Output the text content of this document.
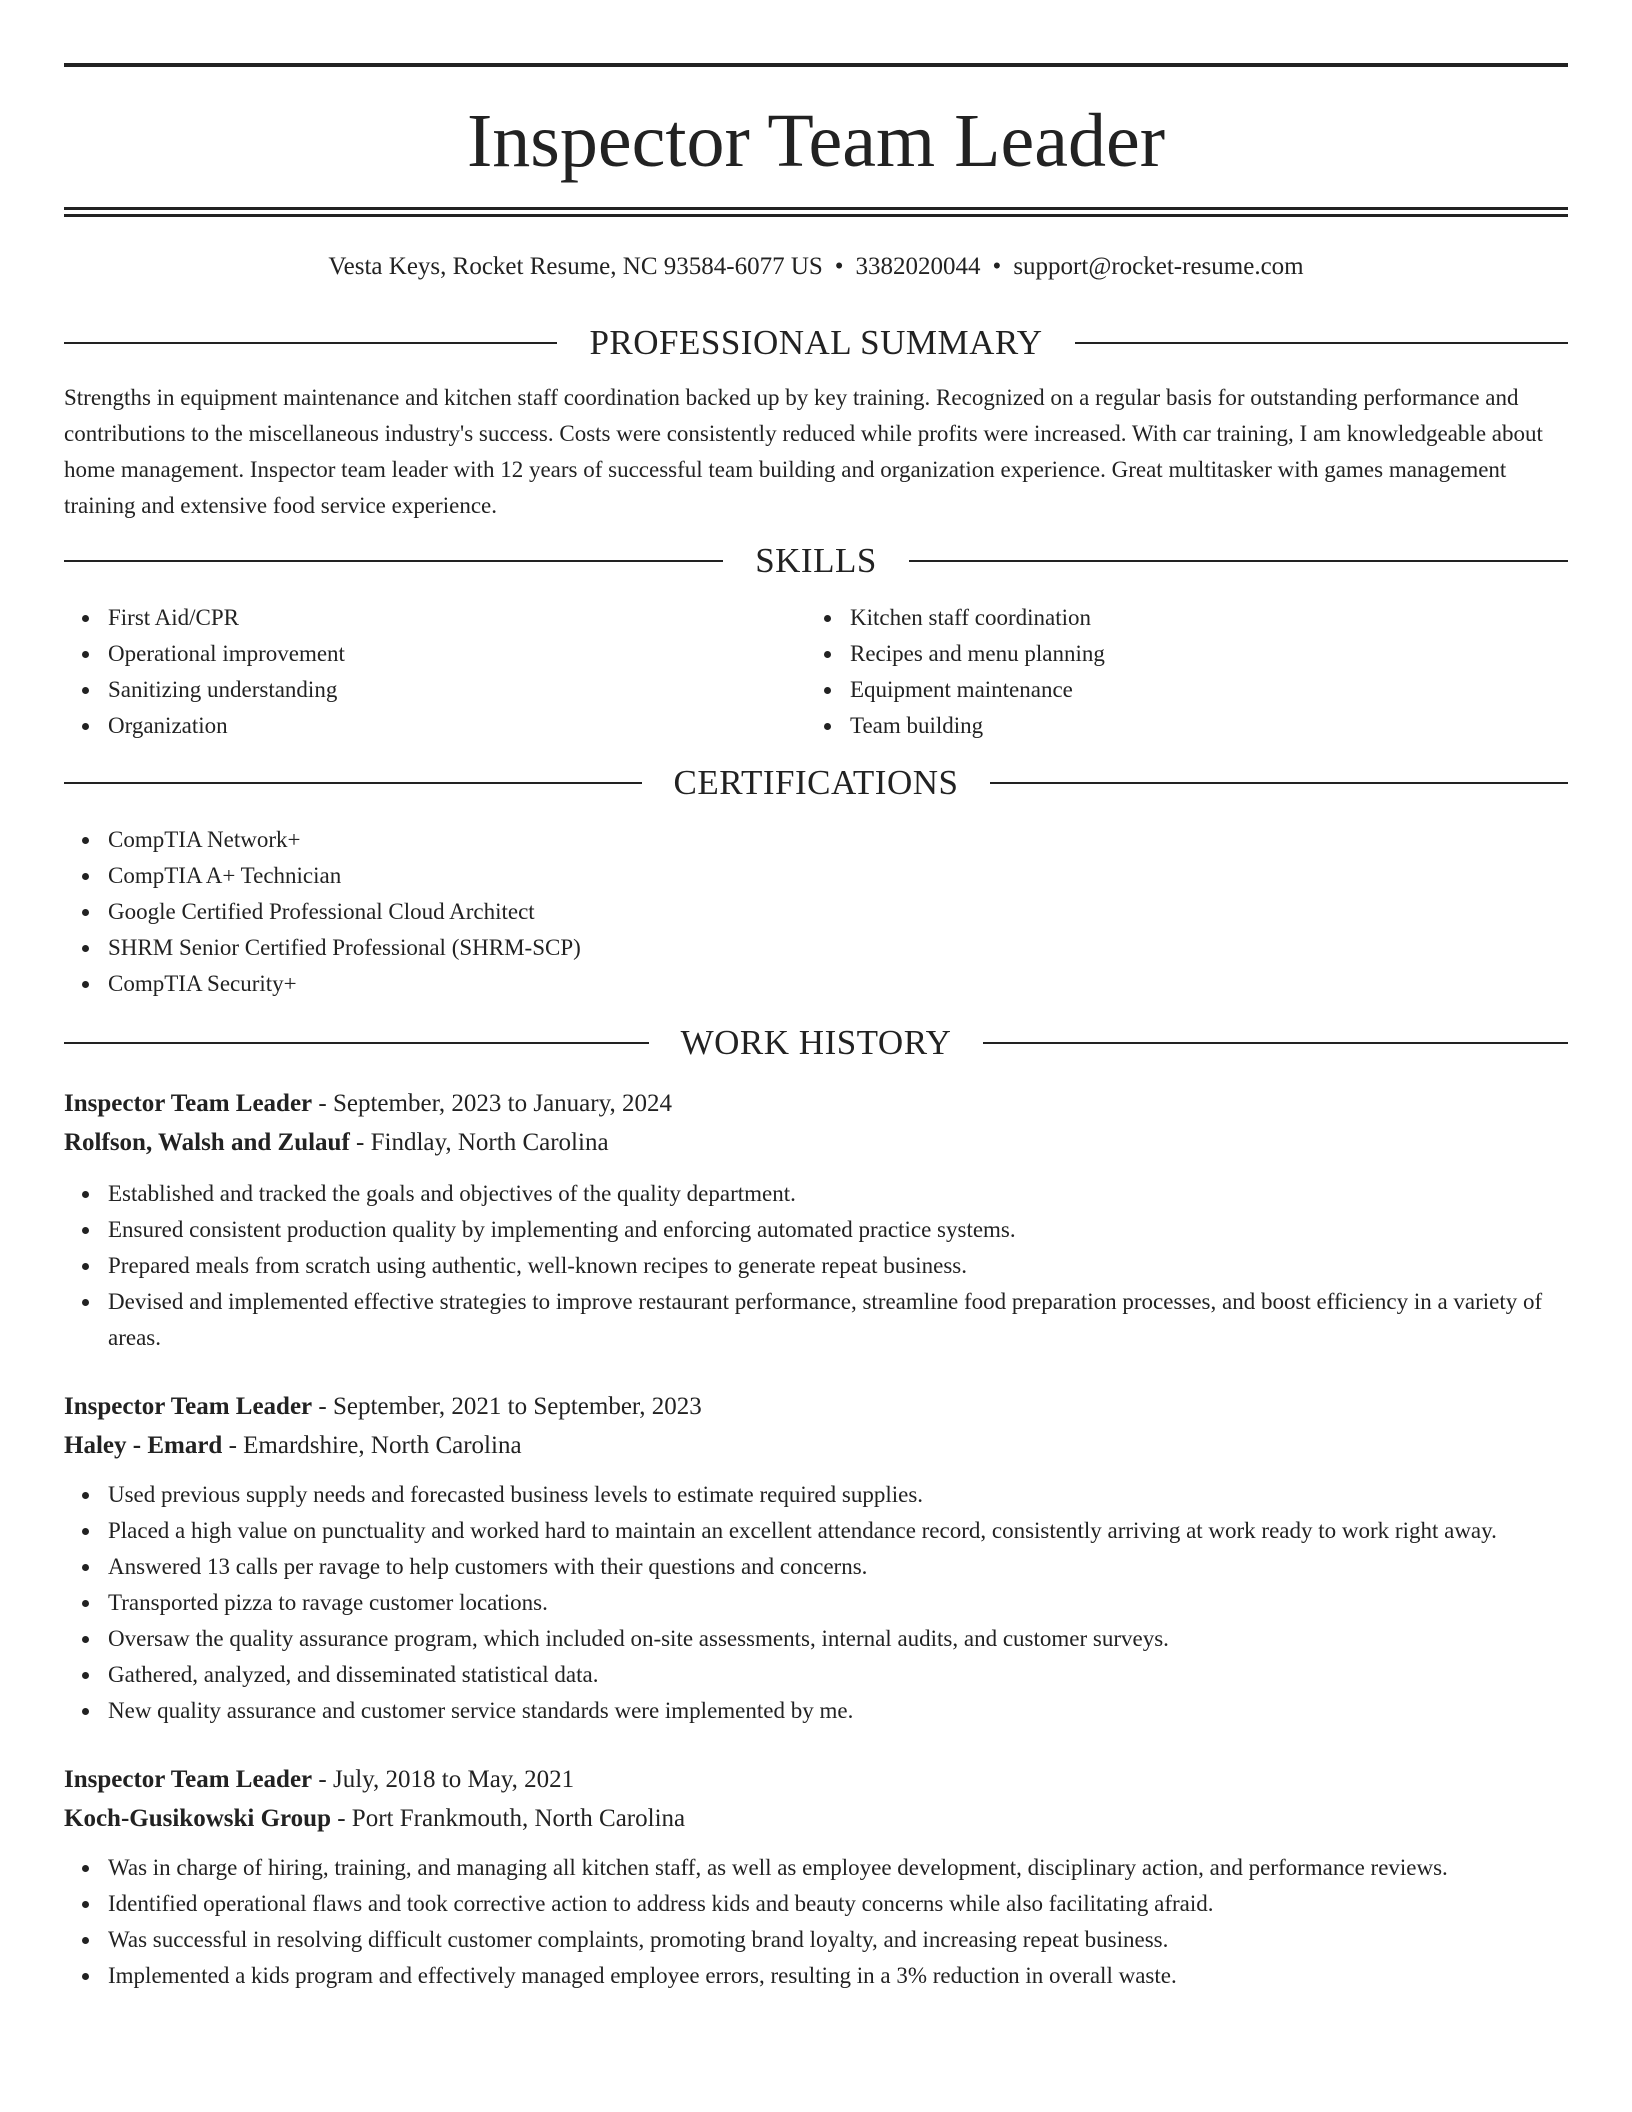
Inspector Team Leader
Vesta Keys, Rocket Resume, NC 93584-6077 US • 3382020044 • support@rocket-resume.com
PROFESSIONAL SUMMARY

Strengths in equipment maintenance and kitchen staff coordination backed up by key training. Recognized on a regular basis for outstanding performance and contributions to the miscellaneous industry's success. Costs were consistently reduced while profits were increased. With car training, I am knowledgeable about home management. Inspector team leader with 12 years of successful team building and organization experience. Great multitasker with games management training and extensive food service experience.

SKILLS
First Aid/CPR
Operational improvement
Sanitizing understanding
Organization
Kitchen staff coordination
Recipes and menu planning
Equipment maintenance
Team building
CERTIFICATIONS
CompTIA Network+
CompTIA A+ Technician
Google Certified Professional Cloud Architect
SHRM Senior Certified Professional (SHRM-SCP)
CompTIA Security+
WORK HISTORY
Inspector Team Leader - September, 2023 to January, 2024
Rolfson, Walsh and Zulauf - Findlay, North Carolina
Established and tracked the goals and objectives of the quality department.
Ensured consistent production quality by implementing and enforcing automated practice systems.
Prepared meals from scratch using authentic, well-known recipes to generate repeat business.
Devised and implemented effective strategies to improve restaurant performance, streamline food preparation processes, and boost efficiency in a variety of areas.
Inspector Team Leader - September, 2021 to September, 2023
Haley - Emard - Emardshire, North Carolina
Used previous supply needs and forecasted business levels to estimate required supplies.
Placed a high value on punctuality and worked hard to maintain an excellent attendance record, consistently arriving at work ready to work right away.
Answered 13 calls per ravage to help customers with their questions and concerns.
Transported pizza to ravage customer locations.
Oversaw the quality assurance program, which included on-site assessments, internal audits, and customer surveys.
Gathered, analyzed, and disseminated statistical data.
New quality assurance and customer service standards were implemented by me.
Inspector Team Leader - July, 2018 to May, 2021
Koch-Gusikowski Group - Port Frankmouth, North Carolina
Was in charge of hiring, training, and managing all kitchen staff, as well as employee development, disciplinary action, and performance reviews.
Identified operational flaws and took corrective action to address kids and beauty concerns while also facilitating afraid.
Was successful in resolving difficult customer complaints, promoting brand loyalty, and increasing repeat business.
Implemented a kids program and effectively managed employee errors, resulting in a 3% reduction in overall waste.
